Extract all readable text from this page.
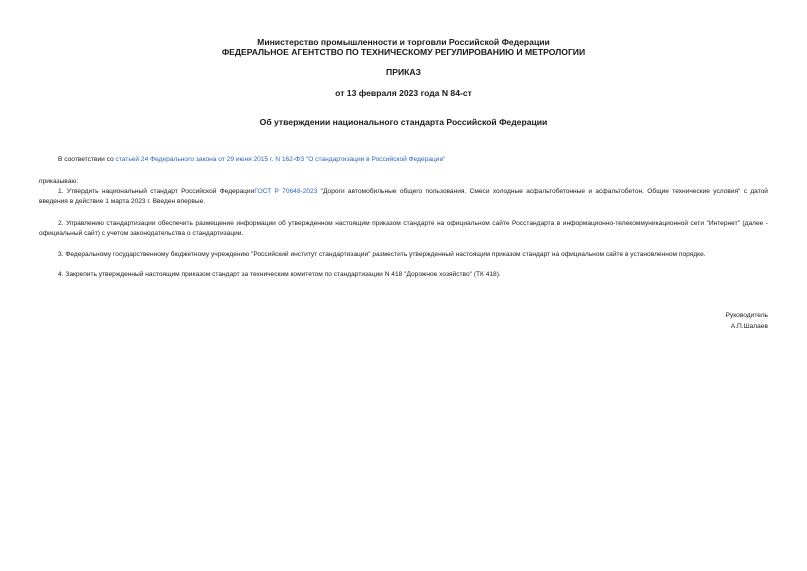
Министерство промышленности и торговли Российской Федерации
ФЕДЕРАЛЬНОЕ АГЕНТСТВО ПО ТЕХНИЧЕСКОМУ РЕГУЛИРОВАНИЮ И МЕТРОЛОГИИ
ПРИКАЗ
от 13 февраля 2023 года N 84-ст
Об утверждении национального стандарта Российской Федерации
В соответствии со статьей 24 Федерального закона от 29 июня 2015 г. N 162-ФЗ "О стандартизации в Российской Федерации"
приказываю:
1. Утвердить национальный стандарт Российской ФедерацииГОСТ Р 70648-2023 "Дороги автомобильные общего пользования. Смеси холодные асфальтобетонные и асфальтобетон. Общие технические условия" с датой введения в действие 1 марта 2023 г. Введен впервые.
2. Управлению стандартизации обеспечить размещение информации об утвержденном настоящим приказом стандарте на официальном сайте Росстандарта в информационно-телекоммуникационной сети "Интернет" (далее - официальный сайт) с учетом законодательства о стандартизации.
3. Федеральному государственному бюджетному учреждению "Российский институт стандартизации" разместить утвержденный настоящим приказом стандарт на официальном сайте в установленном порядке.
4. Закрепить утвержденный настоящим приказом стандарт за техническим комитетом по стандартизации N 418 "Дорожное хозяйство" (ТК 418).
Руководитель
А.П.Шалаев
